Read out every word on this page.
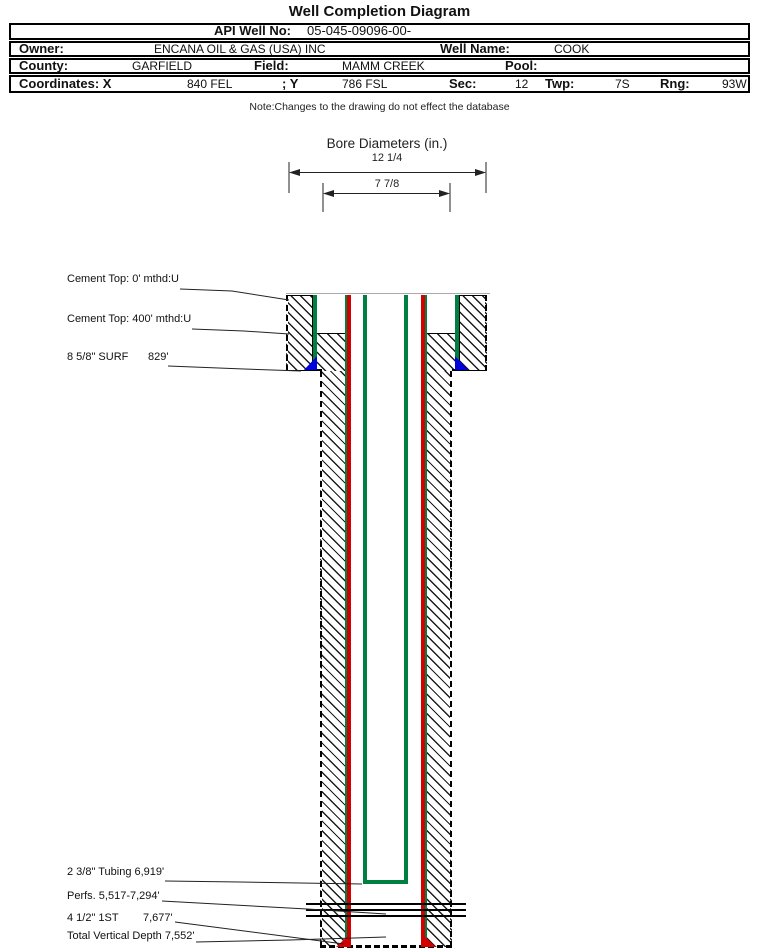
Well Completion Diagram
API Well No: 05-045-09096-00-
Owner:	ENCANA OIL & GAS (USA) INC	Well Name:	COOK
County:	GARFIELD	Field:	MAMM CREEK	Pool:
Coordinates: X	840 FEL	; Y	786 FSL	Sec:	12 Twp:	7S Rng:	93W
Note:Changes to the drawing do not effect the database
Bore Diameters (in.)
12 1/4
7 7/8
Cement Top: 0' mthd:U
Cement Top: 400' mthd:U
8 5/8" SURF 829'
2 3/8" Tubing 6,919'
Perfs. 5,517-7,294'
4 1/2" 1ST 7,677'
Total Vertical Depth 7,552'
